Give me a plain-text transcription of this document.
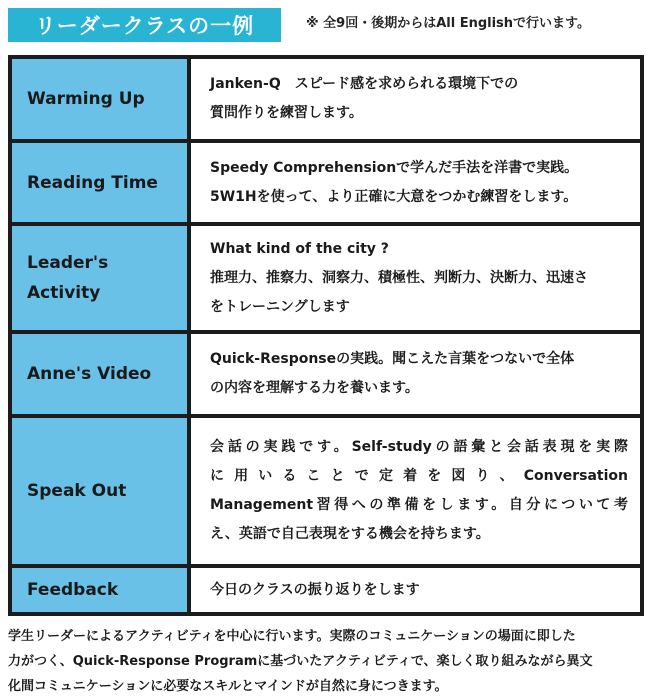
リーダークラスの一例	※ 全9回・後期からはAll Englishで行います。
Warming Up
Janken-Q　スピード感を求められる環境下での
質問作りを練習します。
Reading Time
Speedy Comprehensionで学んだ手法を洋書で実践。
5W1Hを使って、より正確に大意をつかむ練習をします。
Leader's
Activity
What kind of the city ?
推理力、推察力、洞察力、積極性、判断力、決断力、迅速さ
をトレーニングします
Anne's Video
Quick-Responseの実践。聞こえた言葉をつないで全体
の内容を理解する力を養います。
Speak Out
会話の実践です。Self-studyの語彙と会話表現を実際
に用いることで定着を図り、Conversation
Management習得への準備をします。自分について考
え、英語で自己表現をする機会を持ちます。
Feedback	今日のクラスの振り返りをします
学生リーダーによるアクティビティを中心に行います。実際のコミュニケーションの場面に即した
力がつく、Quick-Response Programに基づいたアクティビティで、楽しく取り組みながら異文
化間コミュニケーションに必要なスキルとマインドが自然に身につきます。
